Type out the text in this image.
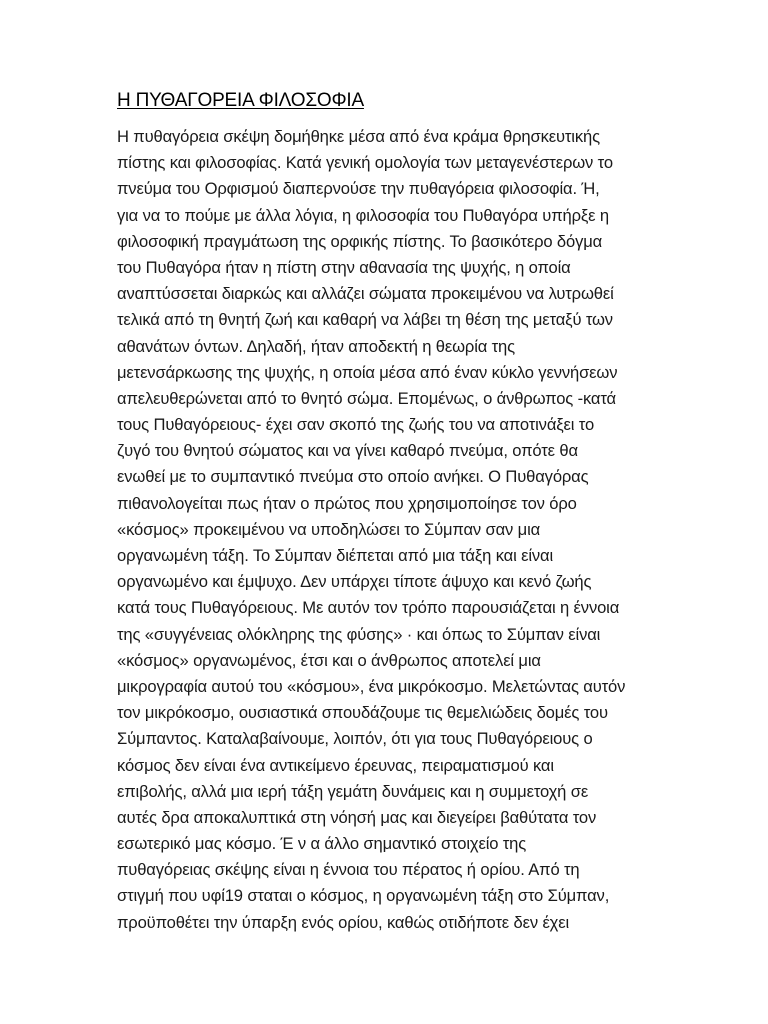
Η ΠΥΘΑΓΟΡΕΙΑ ΦΙΛΟΣΟΦΙΑ
Η πυθαγόρεια σκέψη δομήθηκε μέσα από ένα κράμα θρησκευτικής
πίστης και φιλοσοφίας. Κατά γενική ομολογία των μεταγενέστερων το
πνεύμα του Ορφισμού διαπερνούσε την πυθαγόρεια φιλοσοφία. Ή,
για να το πούμε με άλλα λόγια, η φιλοσοφία του Πυθαγόρα υπήρξε η
φιλοσοφική πραγμάτωση της ορφικής πίστης. Το βασικότερο δόγμα
του Πυθαγόρα ήταν η πίστη στην αθανασία της ψυχής, η οποία
αναπτύσσεται διαρκώς και αλλάζει σώματα προκειμένου να λυτρωθεί
τελικά από τη θνητή ζωή και καθαρή να λάβει τη θέση της μεταξύ των
αθανάτων όντων. Δηλαδή, ήταν αποδεκτή η θεωρία της
μετενσάρκωσης της ψυχής, η οποία μέσα από έναν κύκλο γεννήσεων
απελευθερώνεται από το θνητό σώμα. Επομένως, ο άνθρωπος -κατά
τους Πυθαγόρειους- έχει σαν σκοπό της ζωής του να αποτινάξει το
ζυγό του θνητού σώματος και να γίνει καθαρό πνεύμα, οπότε θα
ενωθεί με το συμπαντικό πνεύμα στο οποίο ανήκει. Ο Πυθαγόρας
πιθανολογείται πως ήταν ο πρώτος που χρησιμοποίησε τον όρο
«κόσμος» προκειμένου να υποδηλώσει το Σύμπαν σαν μια
οργανωμένη τάξη. Το Σύμπαν διέπεται από μια τάξη και είναι
οργανωμένο και έμψυχο. Δεν υπάρχει τίποτε άψυχο και κενό ζωής
κατά τους Πυθαγόρειους. Με αυτόν τον τρόπο παρουσιάζεται η έννοια
της «συγγένειας ολόκληρης της φύσης» · και όπως το Σύμπαν είναι
«κόσμος» οργανωμένος, έτσι και ο άνθρωπος αποτελεί μια
μικρογραφία αυτού του «κόσμου», ένα μικρόκοσμο. Μελετώντας αυτόν
τον μικρόκοσμο, ουσιαστικά σπουδάζουμε τις θεμελιώδεις δομές του
Σύμπαντος. Καταλαβαίνουμε, λοιπόν, ότι για τους Πυθαγόρειους ο
κόσμος δεν είναι ένα αντικείμενο έρευνας, πειραματισμού και
επιβολής, αλλά μια ιερή τάξη γεμάτη δυνάμεις και η συμμετοχή σε
αυτές δρα αποκαλυπτικά στη νόησή μας και διεγείρει βαθύτατα τον
εσωτερικό μας κόσμο. Έ ν α άλλο σημαντικό στοιχείο της
πυθαγόρειας σκέψης είναι η έννοια του πέρατος ή ορίου. Από τη
στιγμή που υφί19 σταται ο κόσμος, η οργανωμένη τάξη στο Σύμπαν,
προϋποθέτει την ύπαρξη ενός ορίου, καθώς οτιδήποτε δεν έχει
